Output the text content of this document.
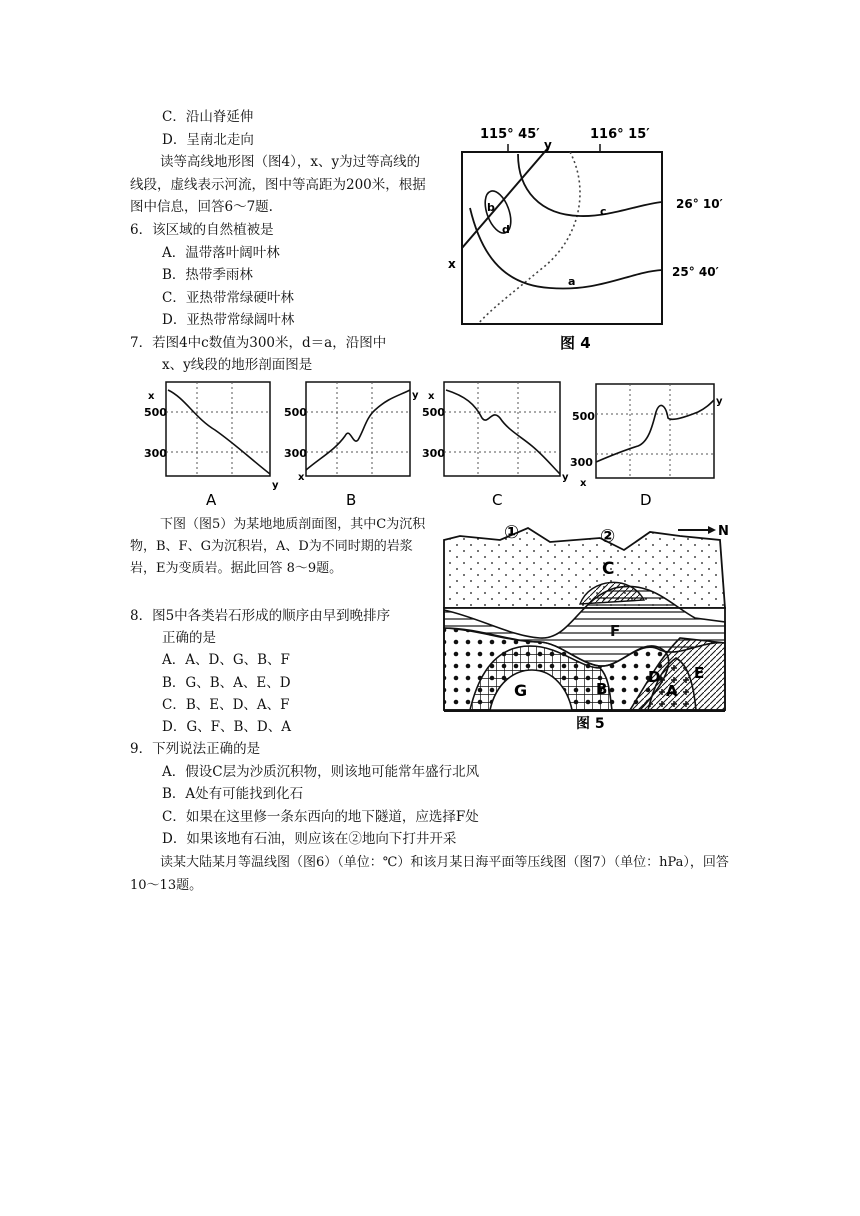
C．沿山脊延伸
D．呈南北走向
读等高线地形图（图4），x、y为过等高线的线段，虚线表示河流，图中等高距为200米，根据图中信息，回答6～7题.
6．该区域的自然植被是
A．温带落叶阔叶林
B．热带季雨林
C．亚热带常绿硬叶林
D．亚热带常绿阔叶林
7．若图4中c数值为300米，d＝a，沿图中
x、y线段的地形剖面图是
115° 45′	116° 15′
x
y
b
d
c
a
26° 10′
25° 40′
图 4
x
500
300
y
A
500
300
x
y
B
x
500
300
y
C
500
300
x
y
D
下图（图5）为某地地质剖面图，其中C为沉积物，B、F、G为沉积岩，A、D为不同时期的岩浆岩，E为变质岩。据此回答 8～9题。
8．图5中各类岩石形成的顺序由早到晚排序
正确的是
A．A、D、G、B、F
B．G、B、A、E、D
C．B、E、D、A、F
D．G、F、B、D、A
①	②	N
C
F
G	B
D
A
E
图 5
9．下列说法正确的是
A．假设C层为沙质沉积物，则该地可能常年盛行北风
B．A处有可能找到化石
C．如果在这里修一条东西向的地下隧道，应选择F处
D．如果该地有石油，则应该在②地向下打井开采
读某大陆某月等温线图（图6）（单位：℃）和该月某日海平面等压线图（图7）（单位：hPa），回答10～13题。
